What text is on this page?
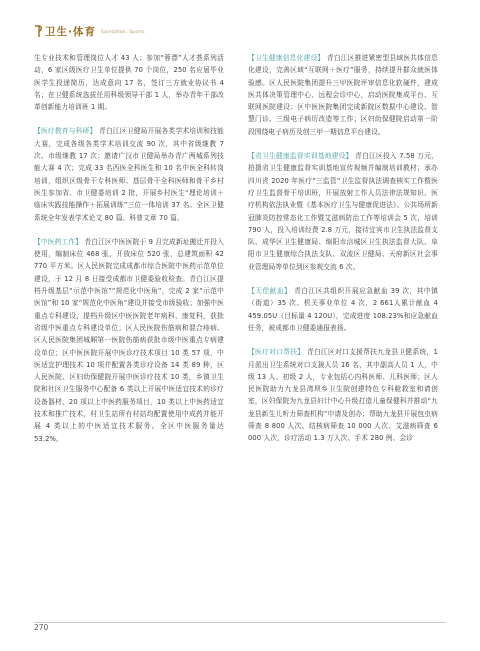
卫生·体育 Sanitation, Sports

生专业技术和管理岗位人才 43 人；参加“蓉漂”人才荟系列活动，6 家区级医疗卫生单位提供 70 个岗位，250 名应届毕业医学生投递简历，达成意向 17 名，签订三方就业协议书 4 名；在卫健系统选拔任用科级领导干部 1 人，举办青年干部改革创新能力培训班 1 期。

【医疗教育与科研】 青白江区卫健局开展各类学术培训和技能大赛，完成各级各类学术培训交流 90 次，其中省级继教 7 次、市级继教 17 次；邀请广汉市卫健局举办青广两城系列技能大赛 4 次；完成 33 名西医全科医生和 10 名中医全科转岗培训，组织区级骨干专科医师、基层骨干全科医师和骨干乡村医生参加省、市卫健委培训 2 批，开展乡村医生“理论培训＋临床实践技能操作＋拓展训练”三位一体培训 37 名。全区卫健系统全年发表学术论文 80 篇、科普文章 70 篇。

【中医药工作】 青白江区中医医院于 9 月完成新址搬迁并投入使用，编制床位 468 张，开放床位 520 张，总建筑面积 42 770 平方米。区人民医院完成成都市综合医院中医药示范单位建设，于 12 月 8 日接受成都市卫健委验收检查。青白江区提档升级基层“示范中医馆”“规范化中医角”，完成 2 家“示范中医馆”和 10 家“规范化中医角”建设并接受市级验收；加强中医重点专科建设，提档升级区中医医院老年病科、康复科，获批省级中医重点专科建设单位；区人民医院伤筋病和混合痔病、区人民医院集团城厢第一医院伤筋病获批市级中医重点专病建设单位；区中医医院开展中医诊疗技术项目 10 类 57 项，中医适宜护理技术 10 项并配置各类诊疗设备 14 类 89 种，区人民医院、区妇幼保健院开展中医诊疗技术 10 类，乡镇卫生院和社区卫生服务中心配备 6 类以上开展中医适宜技术的诊疗设备器材，20 项以上中医药服务项目，10 类以上中医药适宜技术和推广技术，村卫生站所有村站均配置使用中成药并能开展 4 类以上的中医适宜技术服务。全区中医服务量达 53.2%。

【卫生健康信息化建设】 青白江区推进紧密型县域医共体信息化建设，完善区域“互联网＋医疗”服务，持续提升群众就医体验感。区人民医院集团提升三甲医院评审信息化软硬件，建成医共体决策管理中心、远程会诊中心，启动医院集成平台、互联网医院建设；区中医医院集团完成新院区数据中心建设、智慧门诊、三级电子病历改造等工作；区妇幼保健院启动第一阶段围绕电子病历及创三甲一期信息平台建设。

【省卫生健康监督实训基地建设】 青白江区投入 7.58 万元，拍摄省卫生健康监督实训基地宣传视频并编制培训教材；承办四川省 2020 年医疗“三监管”卫生监督执法调查核实工作暨医疗卫生监督骨干培训班，开展放射工作人员法律法规知识、医疗机构依法执业暨《基本医疗卫生与健康促进法》、公共场所新冠肺炎防控常态化工作暨艾滋病防治工作等培训会 5 次，培训 790 人，投入培训经费 2.8 万元，接待宜宾市卫生执法监督支队、成华区卫生健康局、绵阳市涪城区卫生执法监督大队、阜阳市卫生健康综合执法支队、双流区卫健局、天府新区社会事业管理局等单位到区参观交流 6 次。

【无偿献血】 青白江区共组织开展应急献血 39 次，其中镇（街道）35 次、机关事业单位 4 次，2 661人累计献血 4 459.05U（目标量 4 120U），完成进度 108.23%和应急献血任务，被成都市卫健委通报表扬。

【医疗对口帮扶】 青白江区对口支援帮扶九龙县卫健系统，1 月派出卫生系统对口支援人员 16 名，其中副高人员 1 人，中级 13 人、初级 2 人，专业包括心内科医师、儿科医师；区人民医院助力九龙县湾坝乡卫生院创建特色专科舱救室和请创室，区妇保院为九龙县妇计中心升级打造儿童保健科并推动“九龙县新生儿听力筛查机构”申请及创办；帮助九龙县开展包虫病筛查 8 800 人次、结核病筛查 10 000 人次、艾滋病筛查 6 000 人次，诊疗活动 1.3 万人次、手术 280 例、会诊

270
